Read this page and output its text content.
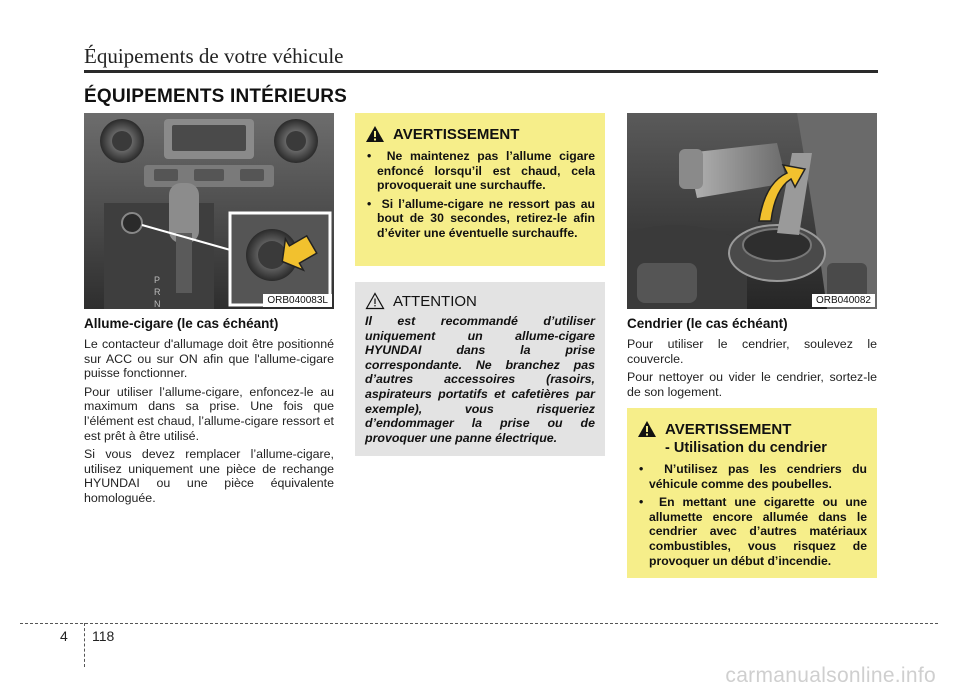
Équipements de votre véhicule
ÉQUIPEMENTS INTÉRIEURS
P
R
N	ORB040083L
Allume-cigare (le cas échéant)

Le contacteur d'allumage doit être positionné sur ACC ou sur ON afin que l'allume-cigare puisse fonctionner.

Pour utiliser l’allume-cigare, enfoncez-le au maximum dans sa prise. Une fois que l’élément est chaud, l’allume-cigare ressort et est prêt à être utilisé.

Si vous devez remplacer l’allume-cigare, utilisez uniquement une pièce de rechange HYUNDAI ou une pièce équivalente homologuée.

AVERTISSEMENT
•  Ne maintenez pas l’allume cigare enfoncé lorsqu’il est chaud, cela provoquerait une surchauffe.
•  Si l’allume-cigare ne ressort pas au bout de 30 secondes, retirez-le afin d’éviter une éventuelle surchauffe.
ATTENTION

Il est recommandé d’utiliser uniquement un allume-cigare HYUNDAI dans la prise correspondante. Ne branchez pas d’autres accessoires (rasoirs, aspirateurs portatifs et cafetières par exemple), vous risqueriez d’endommager la prise ou de provoquer une panne électrique.

ORB040082
Cendrier (le cas échéant)

Pour utiliser le cendrier, soulevez le couvercle.

Pour nettoyer ou vider le cendrier, sortez-le de son logement.

AVERTISSEMENT
- Utilisation du cendrier
•  N’utilisez pas les cendriers du véhicule comme des poubelles.
•  En mettant une cigarette ou une allumette encore allumée dans le cendrier avec d’autres matériaux combustibles, vous risquez de provoquer un début d’incendie.
4 118
carmanualsonline.info
